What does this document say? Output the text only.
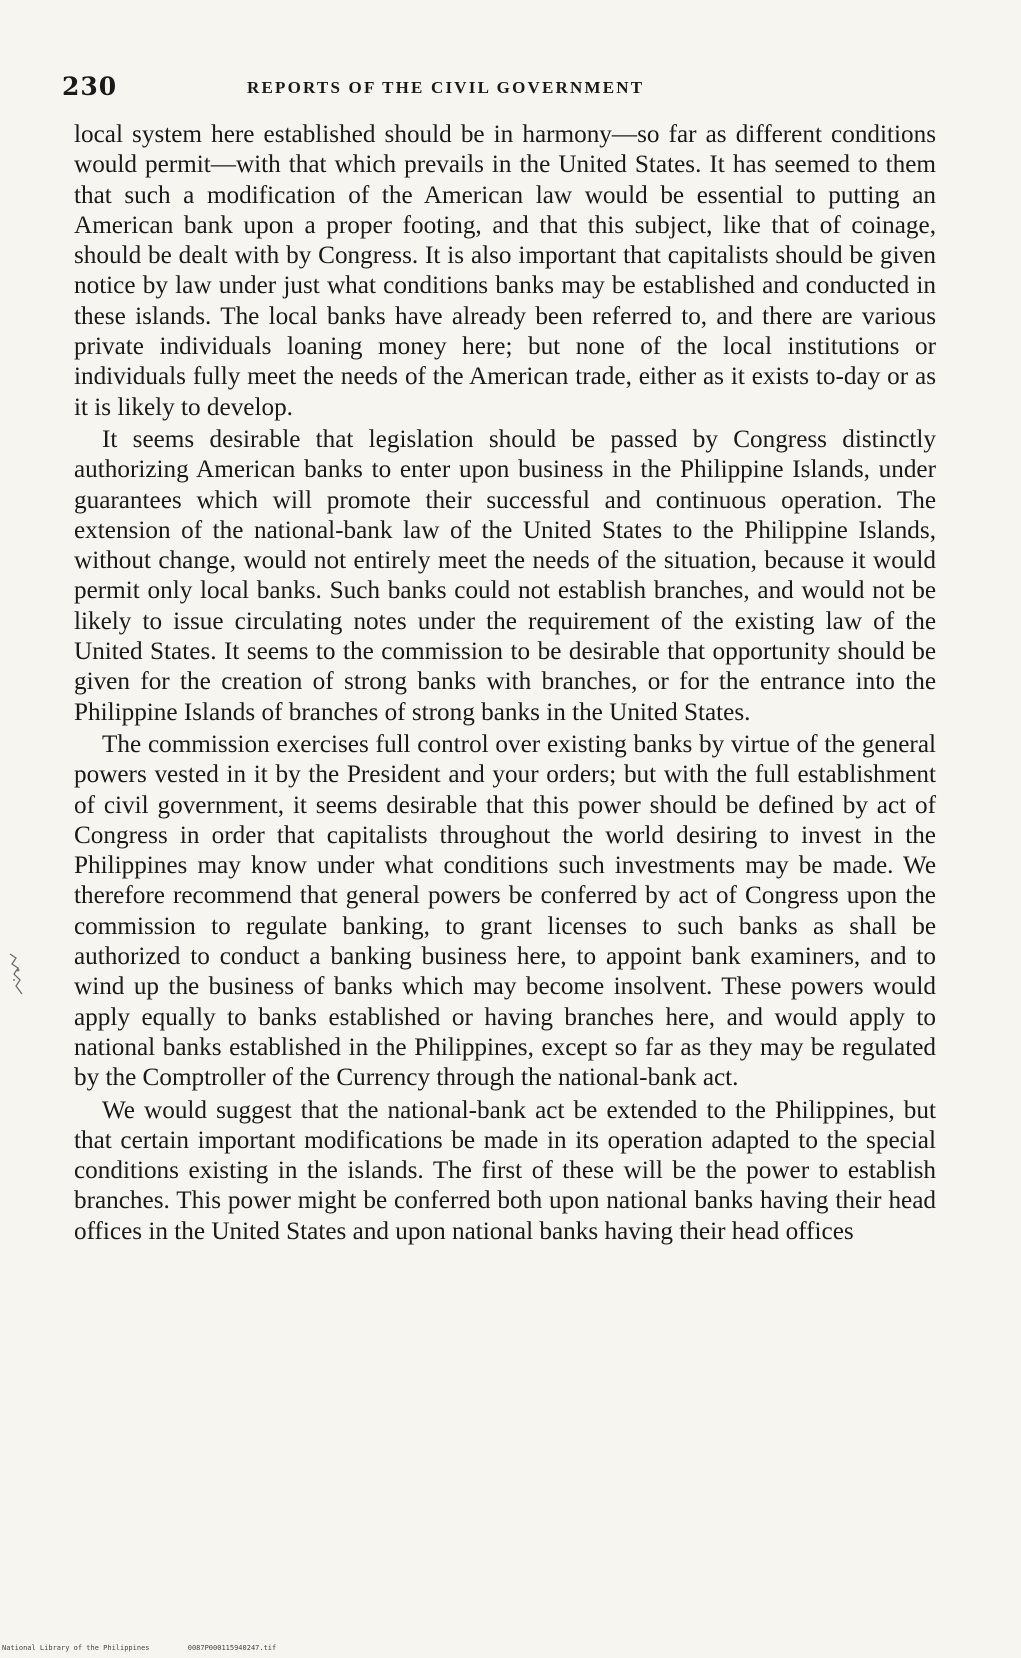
230	REPORTS OF THE CIVIL GOVERNMENT

local system here established should be in harmony—so far as different conditions would permit—with that which prevails in the United States. It has seemed to them that such a modification of the American law would be essential to putting an American bank upon a proper footing, and that this subject, like that of coinage, should be dealt with by Congress. It is also important that capitalists should be given notice by law under just what conditions banks may be established and conducted in these islands. The local banks have already been referred to, and there are various private individuals loaning money here; but none of the local institutions or individuals fully meet the needs of the American trade, either as it exists to-day or as it is likely to develop.

It seems desirable that legislation should be passed by Congress distinctly authorizing American banks to enter upon business in the Philippine Islands, under guarantees which will promote their successful and continuous operation. The extension of the national-bank law of the United States to the Philippine Islands, without change, would not entirely meet the needs of the situation, because it would permit only local banks. Such banks could not establish branches, and would not be likely to issue circulating notes under the requirement of the existing law of the United States. It seems to the commission to be desirable that opportunity should be given for the creation of strong banks with branches, or for the entrance into the Philippine Islands of branches of strong banks in the United States.

The commission exercises full control over existing banks by virtue of the general powers vested in it by the President and your orders; but with the full establishment of civil government, it seems desirable that this power should be defined by act of Congress in order that capitalists throughout the world desiring to invest in the Philippines may know under what conditions such investments may be made. We therefore recommend that general powers be conferred by act of Congress upon the commission to regulate banking, to grant licenses to such banks as shall be authorized to conduct a banking business here, to appoint bank examiners, and to wind up the business of banks which may become insolvent. These powers would apply equally to banks established or having branches here, and would apply to national banks established in the Philippines, except so far as they may be regulated by the Comptroller of the Currency through the national-bank act.

We would suggest that the national-bank act be extended to the Philippines, but that certain important modifications be made in its operation adapted to the special conditions existing in the islands. The first of these will be the power to establish branches. This power might be conferred both upon national banks having their head offices in the United States and upon national banks having their head offices

National Library of the Philippines	0087P000115940247.tif
